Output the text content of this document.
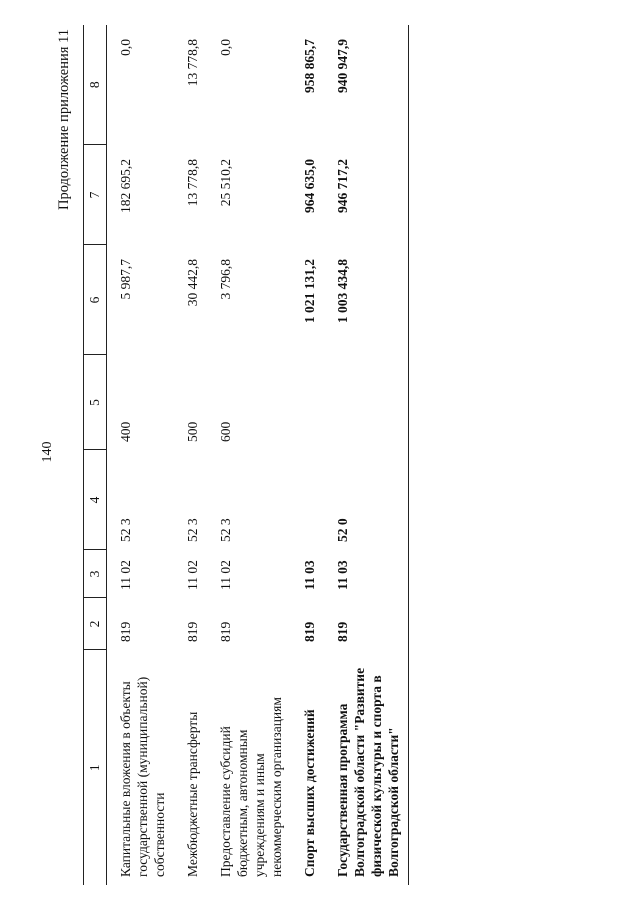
140
Продолжение приложения 11
1	2	3	4	5	6	7	8
Капитальные вложения в объекты государственной (муниципальной) собственности	819	11 02	52 3	400	5 987,7	182 695,2	0,0
Межбюджетные трансферты	819	11 02	52 3	500	30 442,8	13 778,8	13 778,8
Предоставление субсидий бюджетным, автономным учреждениям и иным некоммерческим организациям	819	11 02	52 3	600	3 796,8	25 510,2	0,0
Спорт высших достижений	819	11 03			1 021 131,2	964 635,0	958 865,7
Государственная программа Волгоградской области "Развитие физической культуры и спорта в Волгоградской области"	819	11 03	52 0		1 003 434,8	946 717,2	940 947,9
